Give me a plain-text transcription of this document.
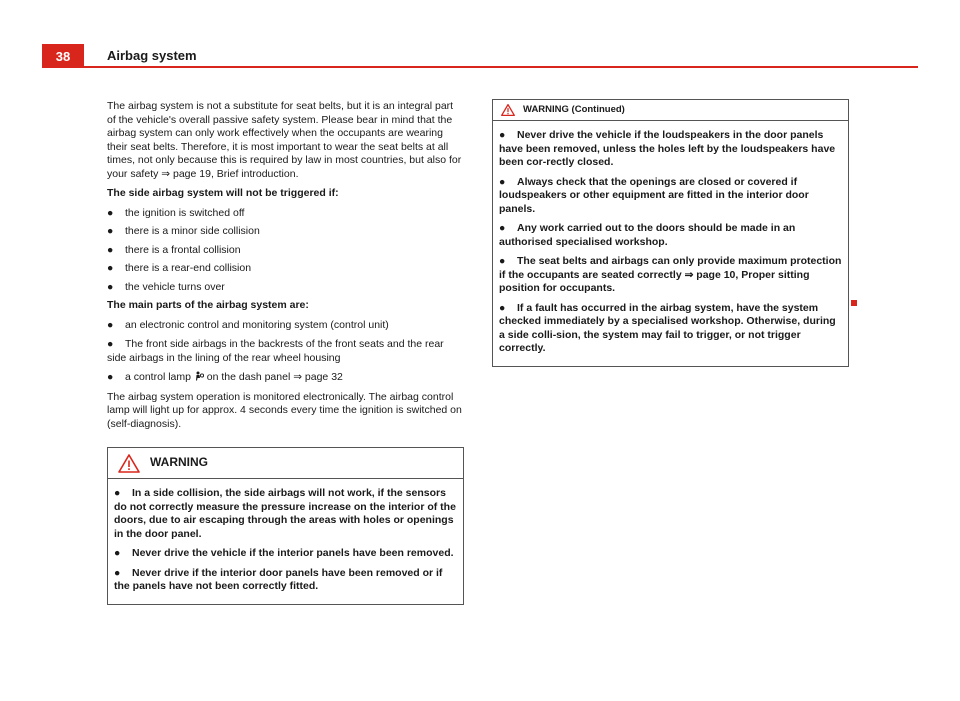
38	Airbag system

The airbag system is not a substitute for seat belts, but it is an integral part of the vehicle's overall passive safety system. Please bear in mind that the airbag system can only work effectively when the occupants are wearing their seat belts. Therefore, it is most important to wear the seat belts at all times, not only because this is required by law in most countries, but also for your safety ⇒ page 19, Brief introduction.

The side airbag system will not be triggered if:

●	the ignition is switched off
●	there is a minor side collision
●	there is a frontal collision
●	there is a rear-end collision
●	the vehicle turns over

The main parts of the airbag system are:

● an electronic control and monitoring system (control unit)
● The front side airbags in the backrests of the front seats and the rear side airbags in the lining of the rear wheel housing
● a control lamp on the dash panel ⇒ page 32

The airbag system operation is monitored electronically. The airbag control lamp will light up for approx. 4 seconds every time the ignition is switched on (self-diagnosis).

WARNING
● In a side collision, the side airbags will not work, if the sensors do not correctly measure the pressure increase on the interior of the doors, due to air escaping through the areas with holes or openings in the door panel.
● Never drive the vehicle if the interior panels have been removed.
● Never drive if the interior door panels have been removed or if the panels have not been correctly fitted.
WARNING (Continued)
● Never drive the vehicle if the loudspeakers in the door panels have been removed, unless the holes left by the loudspeakers have been cor-rectly closed.
● Always check that the openings are closed or covered if loudspeakers or other equipment are fitted in the interior door panels.
● Any work carried out to the doors should be made in an authorised specialised workshop.
● The seat belts and airbags can only provide maximum protection if the occupants are seated correctly ⇒ page 10, Proper sitting position for occupants.
● If a fault has occurred in the airbag system, have the system checked immediately by a specialised workshop. Otherwise, during a side colli-sion, the system may fail to trigger, or not trigger correctly.
